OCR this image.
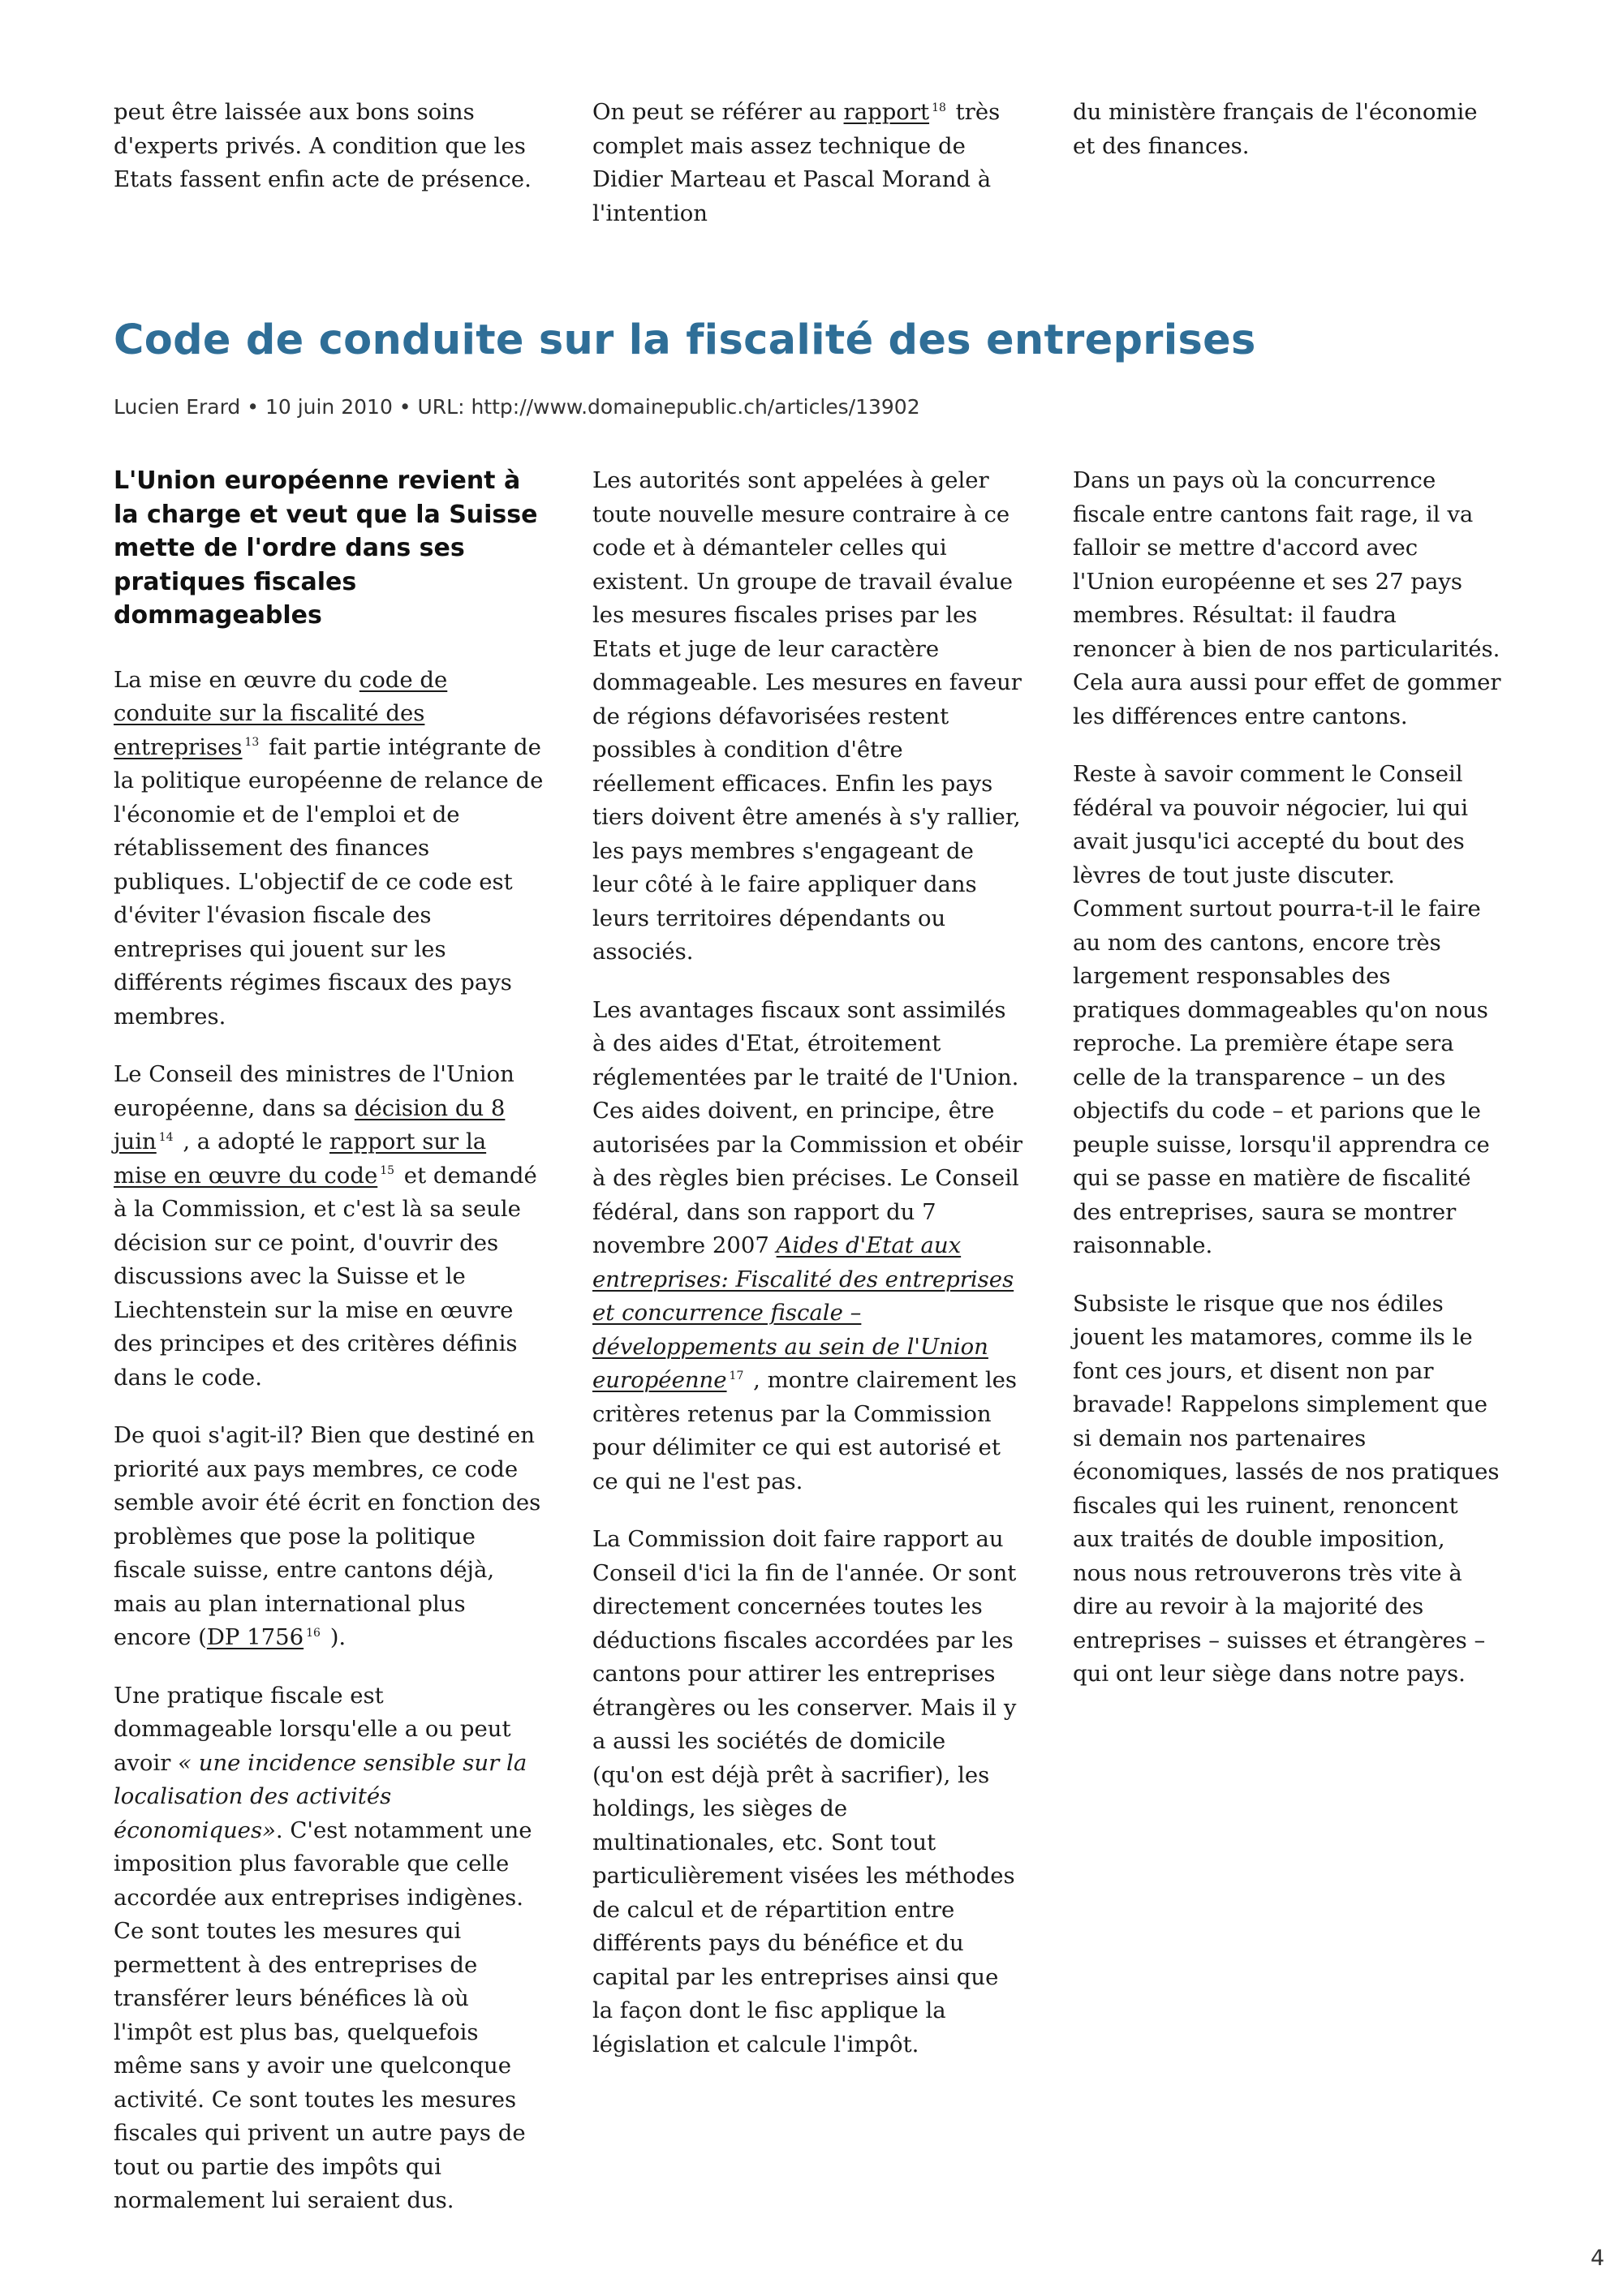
peut être laissée aux bons soins d'experts privés. A condition que les Etats fassent enfin acte de présence.

On peut se référer au rapport $^{18}$ très complet mais assez technique de Didier Marteau et Pascal Morand à l'intention

du ministère français de l'économie et des finances.

Code de conduite sur la fiscalité des entreprises
Lucien Erard • 10 juin 2010 • URL: http://www.domainepublic.ch/articles/13902
L'Union européenne revient à la charge et veut que la Suisse mette de l'ordre dans ses pratiques fiscales dommageables

La mise en œuvre du code de conduite sur la fiscalité des entreprises $^{13}$ fait partie intégrante de la politique européenne de relance de l'économie et de l'emploi et de rétablissement des finances publiques. L'objectif de ce code est d'éviter l'évasion fiscale des entreprises qui jouent sur les différents régimes fiscaux des pays membres.

Le Conseil des ministres de l'Union européenne, dans sa décision du 8 juin $^{14}$ , a adopté le rapport sur la mise en œuvre du code $^{15}$ et demandé à la Commission, et c'est là sa seule décision sur ce point, d'ouvrir des discussions avec la Suisse et le Liechtenstein sur la mise en œuvre des principes et des critères définis dans le code.

De quoi s'agit-il? Bien que destiné en priorité aux pays membres, ce code semble avoir été écrit en fonction des problèmes que pose la politique fiscale suisse, entre cantons déjà, mais au plan international plus encore (DP 1756 $^{16}$ ).

Une pratique fiscale est dommageable lorsqu'elle a ou peut avoir « une incidence sensible sur la localisation des activités économiques». C'est notamment une imposition plus favorable que celle accordée aux entreprises indigènes. Ce sont toutes les mesures qui permettent à des entreprises de transférer leurs bénéfices là où l'impôt est plus bas, quelquefois même sans y avoir une quelconque activité. Ce sont toutes les mesures fiscales qui privent un autre pays de tout ou partie des impôts qui normalement lui seraient dus.

Les autorités sont appelées à geler toute nouvelle mesure contraire à ce code et à démanteler celles qui existent. Un groupe de travail évalue les mesures fiscales prises par les Etats et juge de leur caractère dommageable. Les mesures en faveur de régions défavorisées restent possibles à condition d'être réellement efficaces. Enfin les pays tiers doivent être amenés à s'y rallier, les pays membres s'engageant de leur côté à le faire appliquer dans leurs territoires dépendants ou associés.

Les avantages fiscaux sont assimilés à des aides d'Etat, étroitement réglementées par le traité de l'Union. Ces aides doivent, en principe, être autorisées par la Commission et obéir à des règles bien précises. Le Conseil fédéral, dans son rapport du 7 novembre 2007 Aides d'Etat aux entreprises: Fiscalité des entreprises et concurrence fiscale – développements au sein de l'Union européenne $^{17}$ , montre clairement les critères retenus par la Commission pour délimiter ce qui est autorisé et ce qui ne l'est pas.

La Commission doit faire rapport au Conseil d'ici la fin de l'année. Or sont directement concernées toutes les déductions fiscales accordées par les cantons pour attirer les entreprises étrangères ou les conserver. Mais il y a aussi les sociétés de domicile (qu'on est déjà prêt à sacrifier), les holdings, les sièges de multinationales, etc. Sont tout particulièrement visées les méthodes de calcul et de répartition entre différents pays du bénéfice et du capital par les entreprises ainsi que la façon dont le fisc applique la législation et calcule l'impôt.

Dans un pays où la concurrence fiscale entre cantons fait rage, il va falloir se mettre d'accord avec l'Union européenne et ses 27 pays membres. Résultat: il faudra renoncer à bien de nos particularités. Cela aura aussi pour effet de gommer les différences entre cantons.

Reste à savoir comment le Conseil fédéral va pouvoir négocier, lui qui avait jusqu'ici accepté du bout des lèvres de tout juste discuter. Comment surtout pourra-t-il le faire au nom des cantons, encore très largement responsables des pratiques dommageables qu'on nous reproche. La première étape sera celle de la transparence – un des objectifs du code – et parions que le peuple suisse, lorsqu'il apprendra ce qui se passe en matière de fiscalité des entreprises, saura se montrer raisonnable.

Subsiste le risque que nos édiles jouent les matamores, comme ils le font ces jours, et disent non par bravade! Rappelons simplement que si demain nos partenaires économiques, lassés de nos pratiques fiscales qui les ruinent, renoncent aux traités de double imposition, nous nous retrouverons très vite à dire au revoir à la majorité des entreprises – suisses et étrangères – qui ont leur siège dans notre pays.

4
